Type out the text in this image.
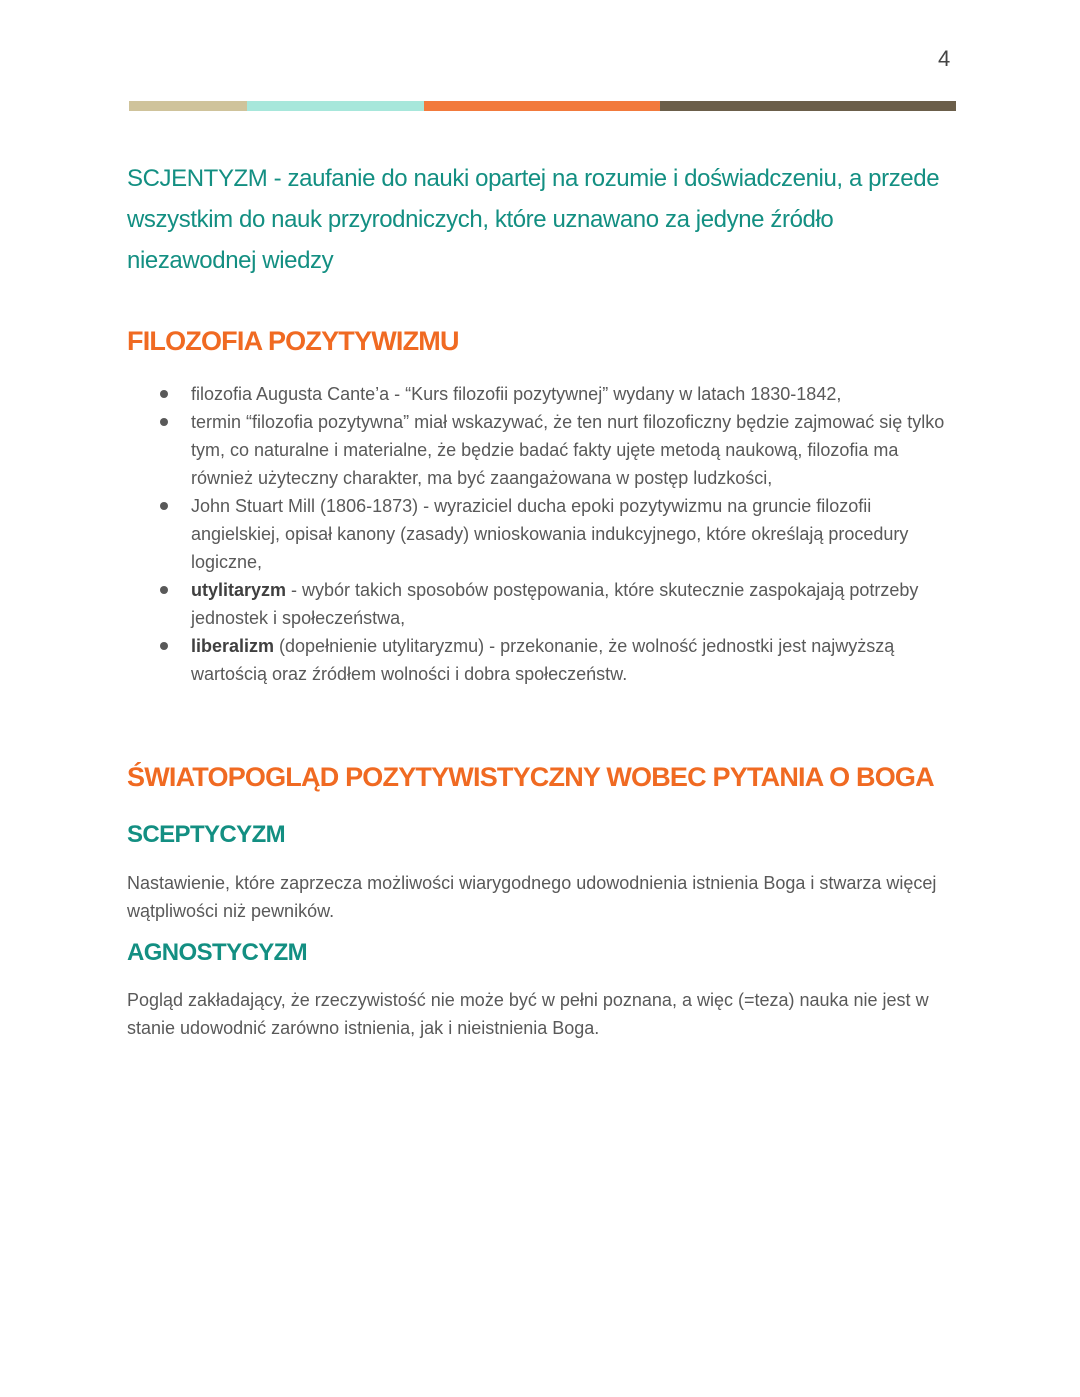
4
SCJENTYZM - zaufanie do nauki opartej na rozumie i doświadczeniu, a przede wszystkim do nauk przyrodniczych, które uznawano za jedyne źródło niezawodnej wiedzy
FILOZOFIA POZYTYWIZMU
filozofia Augusta Cante’a - “Kurs filozofii pozytywnej” wydany w latach 1830-1842,
termin “filozofia pozytywna” miał wskazywać, że ten nurt filozoficzny będzie zajmować się tylko tym, co naturalne i materialne, że będzie badać fakty ujęte metodą naukową, filozofia ma również użyteczny charakter, ma być zaangażowana w postęp ludzkości,
John Stuart Mill (1806-1873) - wyraziciel ducha epoki pozytywizmu na gruncie filozofii angielskiej, opisał kanony (zasady) wnioskowania indukcyjnego, które określają procedury logiczne,
utylitaryzm - wybór takich sposobów postępowania, które skutecznie zaspokajają potrzeby jednostek i społeczeństwa,
liberalizm (dopełnienie utylitaryzmu) - przekonanie, że wolność jednostki jest najwyższą wartością oraz źródłem wolności i dobra społeczeństw.
ŚWIATOPOGLĄD POZYTYWISTYCZNY WOBEC PYTANIA O BOGA
SCEPTYCYZM

Nastawienie, które zaprzecza możliwości wiarygodnego udowodnienia istnienia Boga i stwarza więcej wątpliwości niż pewników.

AGNOSTYCYZM

Pogląd zakładający, że rzeczywistość nie może być w pełni poznana, a więc (=teza) nauka nie jest w stanie udowodnić zarówno istnienia, jak i nieistnienia Boga.
